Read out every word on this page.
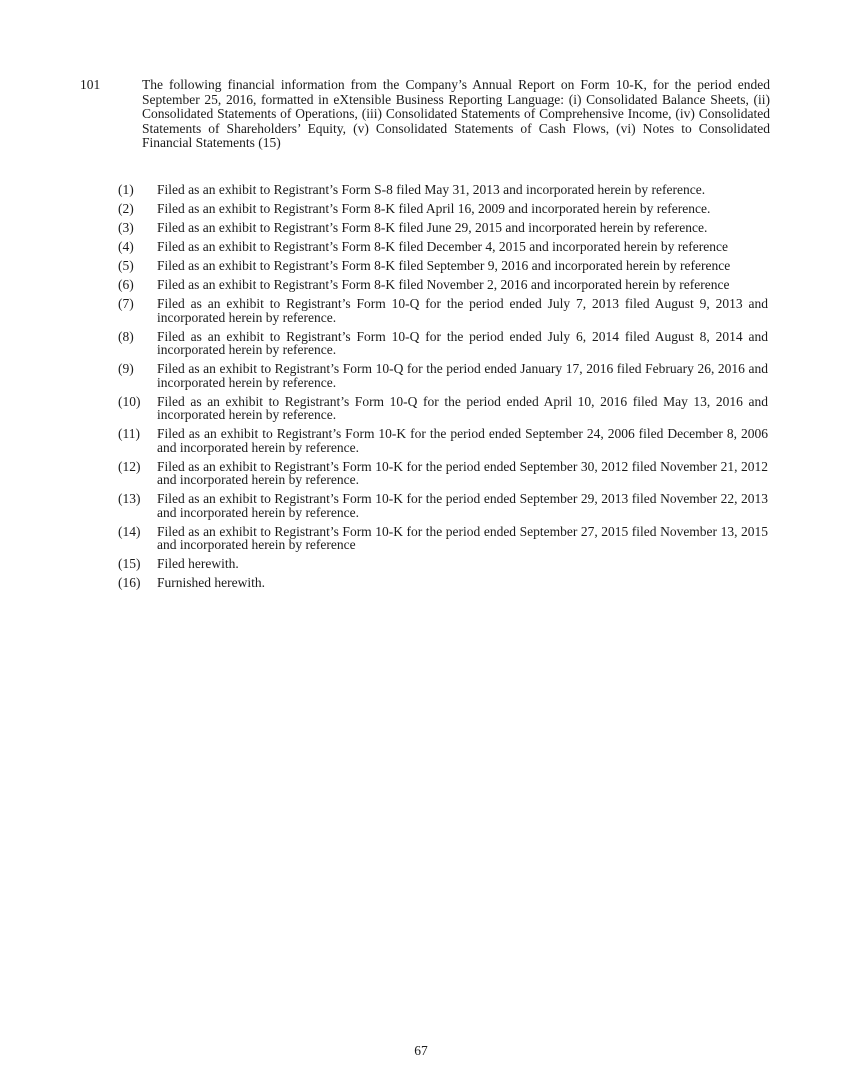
101	The following financial information from the Company’s Annual Report on Form 10-K, for the period ended September 25, 2016, formatted in eXtensible Business Reporting Language: (i) Consolidated Balance Sheets, (ii) Consolidated Statements of Operations, (iii) Consolidated Statements of Comprehensive Income, (iv) Consolidated Statements of Shareholders’ Equity, (v) Consolidated Statements of Cash Flows, (vi) Notes to Consolidated Financial Statements (15)
(1)	Filed as an exhibit to Registrant’s Form S-8 filed May 31, 2013 and incorporated herein by reference.
(2)	Filed as an exhibit to Registrant’s Form 8-K filed April 16, 2009 and incorporated herein by reference.
(3)	Filed as an exhibit to Registrant’s Form 8-K filed June 29, 2015 and incorporated herein by reference.
(4)	Filed as an exhibit to Registrant’s Form 8-K filed December 4, 2015 and incorporated herein by reference
(5)	Filed as an exhibit to Registrant’s Form 8-K filed September 9, 2016 and incorporated herein by reference
(6)	Filed as an exhibit to Registrant’s Form 8-K filed November 2, 2016 and incorporated herein by reference
(7)	Filed as an exhibit to Registrant’s Form 10-Q for the period ended July 7, 2013 filed August 9, 2013 and incorporated herein by reference.
(8)	Filed as an exhibit to Registrant’s Form 10-Q for the period ended July 6, 2014 filed August 8, 2014 and incorporated herein by reference.
(9)	Filed as an exhibit to Registrant’s Form 10-Q for the period ended January 17, 2016 filed February 26, 2016 and incorporated herein by reference.
(10)	Filed as an exhibit to Registrant’s Form 10-Q for the period ended April 10, 2016 filed May 13, 2016 and incorporated herein by reference.
(11)	Filed as an exhibit to Registrant’s Form 10-K for the period ended September 24, 2006 filed December 8, 2006 and incorporated herein by reference.
(12)	Filed as an exhibit to Registrant’s Form 10-K for the period ended September 30, 2012 filed November 21, 2012 and incorporated herein by reference.
(13)	Filed as an exhibit to Registrant’s Form 10-K for the period ended September 29, 2013 filed November 22, 2013 and incorporated herein by reference.
(14)	Filed as an exhibit to Registrant’s Form 10-K for the period ended September 27, 2015 filed November 13, 2015 and incorporated herein by reference
(15)	Filed herewith.
(16)	Furnished herewith.
67
